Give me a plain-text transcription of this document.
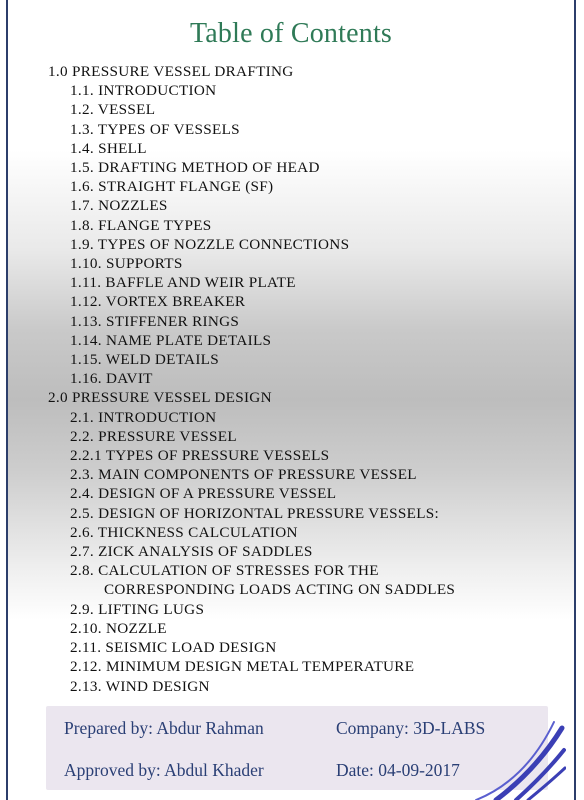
Table of Contents
1.0 PRESSURE VESSEL DRAFTING
1.1. INTRODUCTION
1.2. VESSEL
1.3. TYPES OF VESSELS
1.4. SHELL
1.5. DRAFTING METHOD OF HEAD
1.6. STRAIGHT FLANGE (SF)
1.7. NOZZLES
1.8. FLANGE TYPES
1.9. TYPES OF NOZZLE CONNECTIONS
1.10. SUPPORTS
1.11. BAFFLE AND WEIR PLATE
1.12. VORTEX BREAKER
1.13. STIFFENER RINGS
1.14. NAME PLATE DETAILS
1.15. WELD DETAILS
1.16. DAVIT
2.0 PRESSURE VESSEL DESIGN
2.1. INTRODUCTION
2.2. PRESSURE VESSEL
2.2.1 TYPES OF PRESSURE VESSELS
2.3. MAIN COMPONENTS OF PRESSURE VESSEL
2.4. DESIGN OF A PRESSURE VESSEL
2.5. DESIGN OF HORIZONTAL PRESSURE VESSELS:
2.6. THICKNESS CALCULATION
2.7. ZICK ANALYSIS OF SADDLES
2.8. CALCULATION OF STRESSES FOR THE
CORRESPONDING LOADS ACTING ON SADDLES
2.9. LIFTING LUGS
2.10. NOZZLE
2.11. SEISMIC LOAD DESIGN
2.12. MINIMUM DESIGN METAL TEMPERATURE
2.13. WIND DESIGN
Prepared by: Abdur Rahman	Company: 3D-LABS
Approved by: Abdul Khader	Date: 04-09-2017
